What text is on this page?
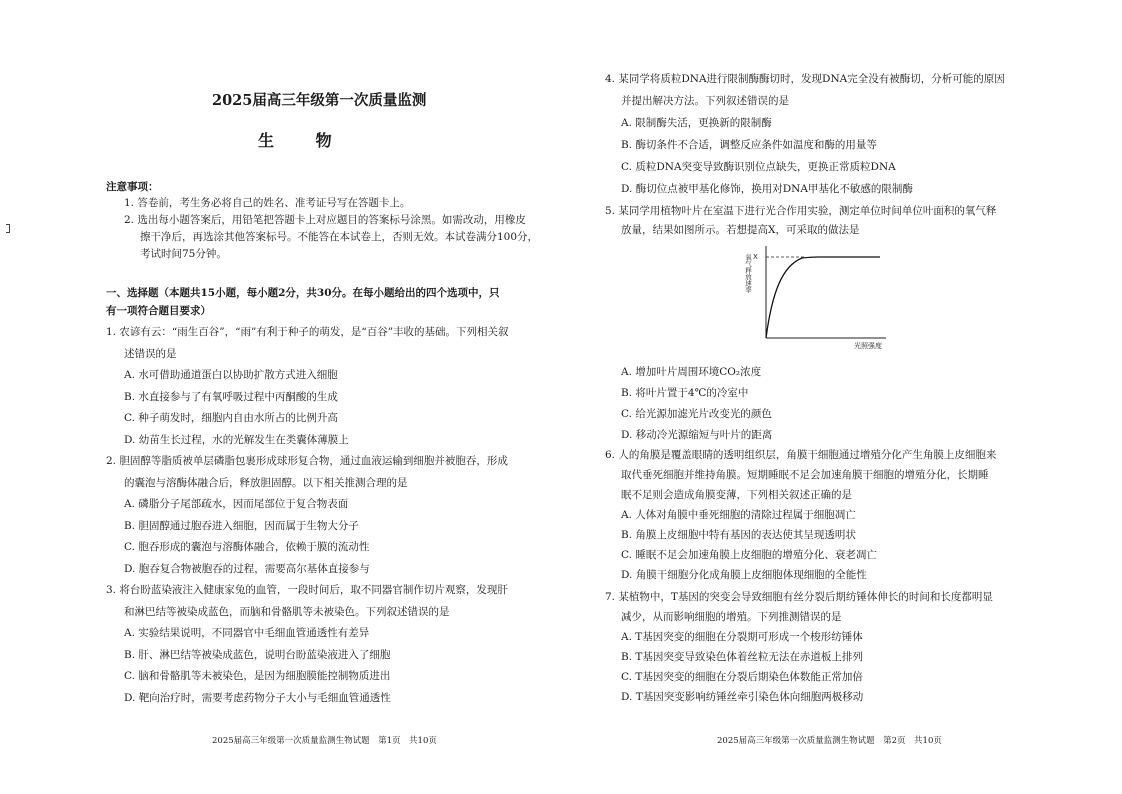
2025届高三年级第一次质量监测
生 物
注意事项：
1. 答卷前，考生务必将自己的姓名、准考证号写在答题卡上。
2. 选出每小题答案后，用铅笔把答题卡上对应题目的答案标号涂黑。如需改动，用橡皮
擦干净后，再选涂其他答案标号。不能答在本试卷上，否则无效。本试卷满分100分，
考试时间75分钟。
一、选择题（本题共15小题，每小题2分，共30分。在每小题给出的四个选项中，只
有一项符合题目要求）
1. 农谚有云：“雨生百谷”，“雨”有利于种子的萌发，是“百谷”丰收的基础。下列相关叙
述错误的是
A. 水可借助通道蛋白以协助扩散方式进入细胞
B. 水直接参与了有氧呼吸过程中丙酮酸的生成
C. 种子萌发时，细胞内自由水所占的比例升高
D. 幼苗生长过程，水的光解发生在类囊体薄膜上
2. 胆固醇等脂质被单层磷脂包裹形成球形复合物，通过血液运输到细胞并被胞吞，形成
的囊泡与溶酶体融合后，释放胆固醇。以下相关推测合理的是
A. 磷脂分子尾部疏水，因而尾部位于复合物表面
B. 胆固醇通过胞吞进入细胞，因而属于生物大分子
C. 胞吞形成的囊泡与溶酶体融合，依赖于膜的流动性
D. 胞吞复合物被胞吞的过程，需要高尔基体直接参与
3. 将台盼蓝染液注入健康家兔的血管，一段时间后，取不同器官制作切片观察，发现肝
和淋巴结等被染成蓝色，而脑和骨骼肌等未被染色。下列叙述错误的是
A. 实验结果说明，不同器官中毛细血管通透性有差异
B. 肝、淋巴结等被染成蓝色，说明台盼蓝染液进入了细胞
C. 脑和骨骼肌等未被染色，是因为细胞膜能控制物质进出
D. 靶向治疗时，需要考虑药物分子大小与毛细血管通透性
2025届高三年级第一次质量监测生物试题　第1页　共10页
4. 某同学将质粒DNA进行限制酶酶切时，发现DNA完全没有被酶切，分析可能的原因
并提出解决方法。下列叙述错误的是
A. 限制酶失活，更换新的限制酶
B. 酶切条件不合适，调整反应条件如温度和酶的用量等
C. 质粒DNA突变导致酶识别位点缺失，更换正常质粒DNA
D. 酶切位点被甲基化修饰，换用对DNA甲基化不敏感的限制酶
5. 某同学用植物叶片在室温下进行光合作用实验，测定单位时间单位叶面积的氧气释
放量，结果如图所示。若想提高X，可采取的做法是
A. 增加叶片周围环境CO₂浓度
B. 将叶片置于4℃的冷室中
C. 给光源加滤光片改变光的颜色
D. 移动冷光源缩短与叶片的距离
6. 人的角膜是覆盖眼睛的透明组织层，角膜干细胞通过增殖分化产生角膜上皮细胞来
取代垂死细胞并维持角膜。短期睡眠不足会加速角膜干细胞的增殖分化，长期睡
眠不足则会造成角膜变薄，下列相关叙述正确的是
A. 人体对角膜中垂死细胞的清除过程属于细胞凋亡
B. 角膜上皮细胞中特有基因的表达使其呈现透明状
C. 睡眠不足会加速角膜上皮细胞的增殖分化、衰老凋亡
D. 角膜干细胞分化成角膜上皮细胞体现细胞的全能性
7. 某植物中，T基因的突变会导致细胞有丝分裂后期纺锤体伸长的时间和长度都明显
减少，从而影响细胞的增殖。下列推测错误的是
A. T基因突变的细胞在分裂期可形成一个梭形纺锤体
B. T基因突变导致染色体着丝粒无法在赤道板上排列
C. T基因突变的细胞在分裂后期染色体数能正常加倍
D. T基因突变影响纺锤丝牵引染色体向细胞两极移动
2025届高三年级第一次质量监测生物试题　第2页　共10页
氧气释放速率 X
光照强度
